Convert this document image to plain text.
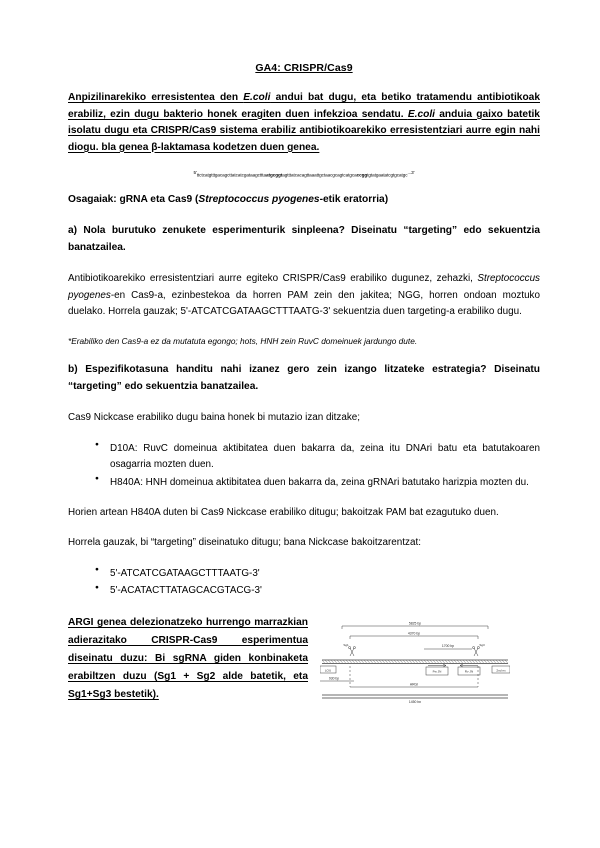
GA4: CRISPR/Cas9

Anpizilinarekiko erresistentea den E.coli andui bat dugu, eta betiko tratamendu antibiotikoak erabiliz, ezin dugu bakterio honek eragiten duen infekzioa sendatu. E.coli anduia gaixo batetik isolatu dugu eta CRISPR/Cas9 sistema erabiliz antibiotikoarekiko erresistentziari aurre egin nahi diogu. bla genea β-laktamasa kodetzen duen genea.

5'ttctcatgtttgacagcttatcatcgataagctttaatgcggtagtttatcacagttaaattgctaacgcagtcatgcaccggtgtatgaatatcgtgcatgc...3'
Osagaiak: gRNA eta Cas9 (Streptococcus pyogenes-etik eratorria)

a) Nola burutuko zenukete esperimenturik sinpleena? Diseinatu “targeting” edo sekuentzia banatzailea.

Antibiotikoarekiko erresistentziari aurre egiteko CRISPR/Cas9 erabiliko dugunez, zehazki, Streptococcus pyogenes-en Cas9-a, ezinbestekoa da horren PAM zein den jakitea; NGG, horren ondoan moztuko duelako. Horrela gauzak; 5'-ATCATCGATAAGCTTTAATG-3' sekuentzia duen targeting-a erabiliko dugu.

*Erabiliko den Cas9-a ez da mutatuta egongo; hots, HNH zein RuvC domeinuek jardungo dute.

b) Espezifikotasuna handitu nahi izanez gero zein izango litzateke estrategia? Diseinatu “targeting” edo sekuentzia banatzailea.

Cas9 Nickcase erabiliko dugu baina honek bi mutazio izan ditzake;

● D10A: RuvC domeinua aktibitatea duen bakarra da, zeina itu DNAri batu eta batutakoaren osagarria mozten duen.
● H840A: HNH domeinua aktibitatea duen bakarra da, zeina gRNAri batutako harizpia mozten du.

Horien artean H840A duten bi Cas9 Nickcase erabiliko ditugu; bakoitzak PAM bat ezagutuko duen.

Horrela gauzak, bi “targeting” diseinatuko ditugu; bana Nickcase bakoitzarentzat:

● 5'-ATCATCGATAAGCTTTAATG-3'
● 5'-ACATACTTATAGCACGTACG-3'

ARGI genea delezionatzeko hurrengo marrazkian adierazitako CRISPR-Cas9 esperimentua diseinatu duzu: Bi sgRNA giden konbinaketa erabiltzen duzu (Sg1 + Sg2 alde batetik, eta Sg1+Sg3 bestetik).

5825 bp
4370 bp
1700 bp
Sg1	Sg3
Fw JN	Rv JN
LOU	2nd ex
930 bp
ARGI
1450 bp
